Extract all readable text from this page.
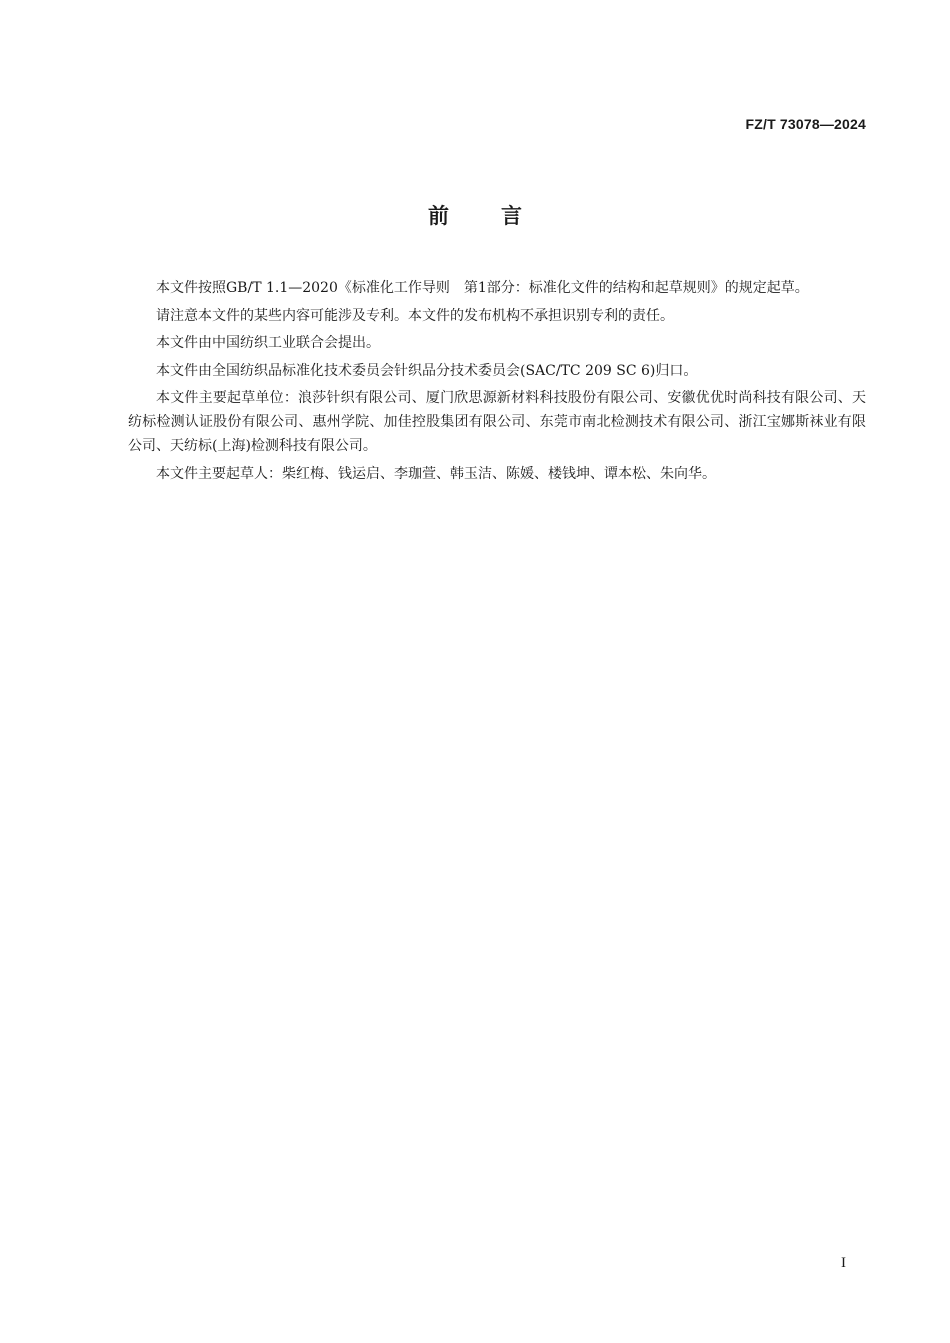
FZ/T 73078—2024
前言

本文件按照GB/T 1.1—2020《标准化工作导则　第1部分：标准化文件的结构和起草规则》的规定起草。

请注意本文件的某些内容可能涉及专利。本文件的发布机构不承担识别专利的责任。

本文件由中国纺织工业联合会提出。

本文件由全国纺织品标准化技术委员会针织品分技术委员会(SAC/TC 209 SC 6)归口。

本文件主要起草单位：浪莎针织有限公司、厦门欣思源新材料科技股份有限公司、安徽优优时尚科技有限公司、天纺标检测认证股份有限公司、惠州学院、加佳控股集团有限公司、东莞市南北检测技术有限公司、浙江宝娜斯袜业有限公司、天纺标(上海)检测科技有限公司。

本文件主要起草人：柴红梅、钱运启、李珈萱、韩玉洁、陈媛、楼钱坤、谭本松、朱向华。

I
